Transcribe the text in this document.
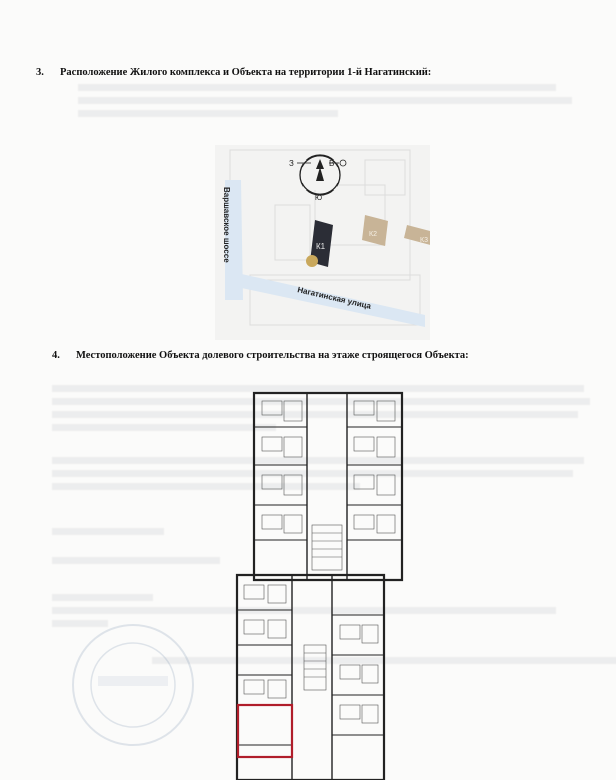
3. Расположение Жилого комплекса и Объекта на территории 1-й Нагатинский:
З	В
Ю
К1
К2
К3
Варшавское шоссе
Нагатинская улица
4. Местоположение Объекта долевого строительства на этаже строящегося Объекта:
